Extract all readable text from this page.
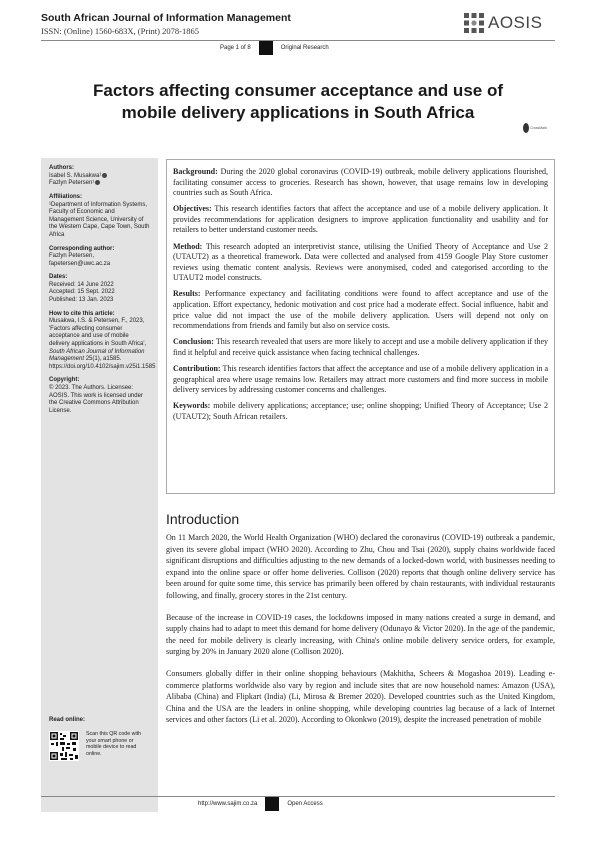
South African Journal of Information Management
ISSN: (Online) 1560-683X, (Print) 2078-1865	AOSIS
Page 1 of 8	Original Research
Factors affecting consumer acceptance and use of
mobile delivery applications in South Africa
CrossMark
Authors:
Isabel S. Musakwa¹
Fazlyn Petersen¹
Affiliations:
¹Department of Information Systems, Faculty of Economic and Management Science, University of the Western Cape, Cape Town, South Africa
Corresponding author:
Fazlyn Petersen,
fapetersen@uwc.ac.za
Dates:
Received: 14 June 2022
Accepted: 15 Sept. 2022
Published: 13 Jan. 2023
How to cite this article:
Musakwa, I.S. & Petersen, F., 2023, 'Factors affecting consumer acceptance and use of mobile delivery applications in South Africa', South African Journal of Information Management 25(1), a1585. https://doi.org/10.4102/sajim.v25i1.1585
Copyright:
© 2023. The Authors. Licensee: AOSIS. This work is licensed under the Creative Commons Attribution License.
Read online:
Scan this QR code with your smart phone or mobile device to read online.

Background: During the 2020 global coronavirus (COVID-19) outbreak, mobile delivery applications flourished, facilitating consumer access to groceries. Research has shown, however, that usage remains low in developing countries such as South Africa.

Objectives: This research identifies factors that affect the acceptance and use of a mobile delivery application. It provides recommendations for application designers to improve application functionality and usability and for retailers to better understand customer needs.

Method: This research adopted an interpretivist stance, utilising the Unified Theory of Acceptance and Use 2 (UTAUT2) as a theoretical framework. Data were collected and analysed from 4159 Google Play Store customer reviews using thematic content analysis. Reviews were anonymised, coded and categorised according to the UTAUT2 model constructs.

Results: Performance expectancy and facilitating conditions were found to affect acceptance and use of the application. Effort expectancy, hedonic motivation and cost price had a moderate effect. Social influence, habit and price value did not impact the use of the mobile delivery application. Users will depend not only on recommendations from friends and family but also on service costs.

Conclusion: This research revealed that users are more likely to accept and use a mobile delivery application if they find it helpful and receive quick assistance when facing technical challenges.

Contribution: This research identifies factors that affect the acceptance and use of a mobile delivery application in a geographical area where usage remains low. Retailers may attract more customers and find more success in mobile delivery services by addressing customer concerns and challenges.

Keywords: mobile delivery applications; acceptance; use; online shopping; Unified Theory of Acceptance; Use 2 (UTAUT2); South African retailers.

Introduction

On 11 March 2020, the World Health Organization (WHO) declared the coronavirus (COVID-19) outbreak a pandemic, given its severe global impact (WHO 2020). According to Zhu, Chou and Tsai (2020), supply chains worldwide faced significant disruptions and difficulties adjusting to the new demands of a locked-down world, with businesses needing to expand into the online space or offer home deliveries. Collison (2020) reports that though online delivery service has been around for quite some time, this service has primarily been offered by chain restaurants, with individual restaurants following, and finally, grocery stores in the 21st century.

Because of the increase in COVID-19 cases, the lockdowns imposed in many nations created a surge in demand, and supply chains had to adapt to meet this demand for home delivery (Odunayo & Victor 2020). In the age of the pandemic, the need for mobile delivery is clearly increasing, with China's online mobile delivery service orders, for example, surging by 20% in January 2020 alone (Collison 2020).

Consumers globally differ in their online shopping behaviours (Makhitha, Scheers & Mogashoa 2019). Leading e-commerce platforms worldwide also vary by region and include sites that are now household names: Amazon (USA), Alibaba (China) and Flipkart (India) (Li, Mirosa & Bremer 2020). Developed countries such as the United Kingdom, China and the USA are the leaders in online shopping, while developing countries lag because of a lack of Internet services and other factors (Li et al. 2020). According to Okonkwo (2019), despite the increased penetration of mobile

http://www.sajim.co.za	Open Access
